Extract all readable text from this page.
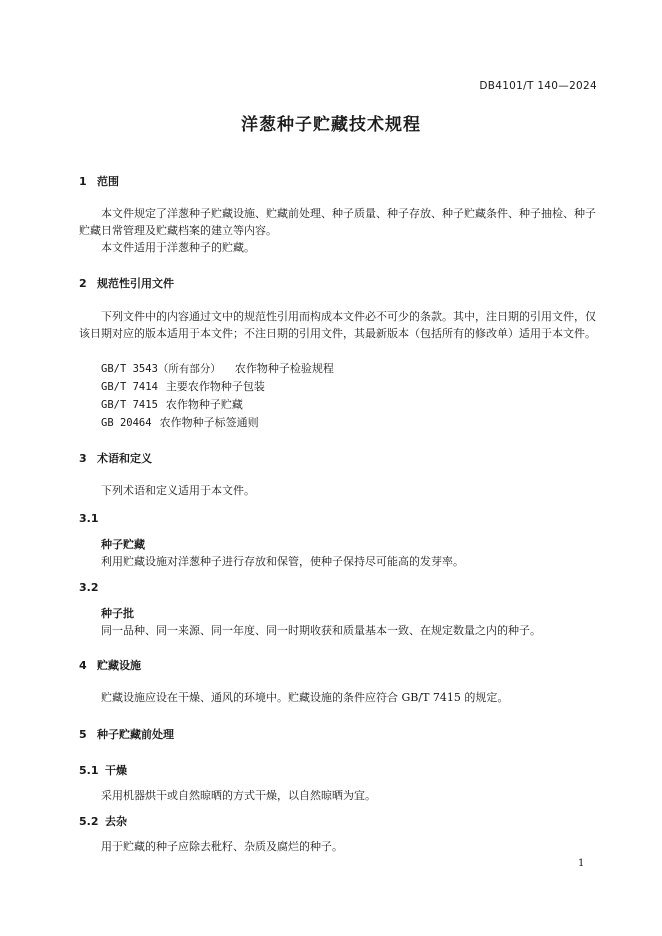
DB4101/T 140—2024
洋葱种子贮藏技术规程
1 范围
本文件规定了洋葱种子贮藏设施、贮藏前处理、种子质量、种子存放、种子贮藏条件、种子抽检、种子贮藏日常管理及贮藏档案的建立等内容。
本文件适用于洋葱种子的贮藏。
2 规范性引用文件
下列文件中的内容通过文中的规范性引用而构成本文件必不可少的条款。其中，注日期的引用文件，仅该日期对应的版本适用于本文件；不注日期的引用文件，其最新版本（包括所有的修改单）适用于本文件。
GB/T 3543（所有部分） 农作物种子检验规程
GB/T 7414 主要农作物种子包装
GB/T 7415 农作物种子贮藏
GB 20464 农作物种子标签通则
3 术语和定义
下列术语和定义适用于本文件。
3.1
种子贮藏
利用贮藏设施对洋葱种子进行存放和保管，使种子保持尽可能高的发芽率。
3.2
种子批
同一品种、同一来源、同一年度、同一时期收获和质量基本一致、在规定数量之内的种子。
4 贮藏设施
贮藏设施应设在干燥、通风的环境中。贮藏设施的条件应符合 GB/T 7415 的规定。
5 种子贮藏前处理
5.1 干燥
采用机器烘干或自然晾晒的方式干燥，以自然晾晒为宜。
5.2 去杂
用于贮藏的种子应除去秕籽、杂质及腐烂的种子。
1
